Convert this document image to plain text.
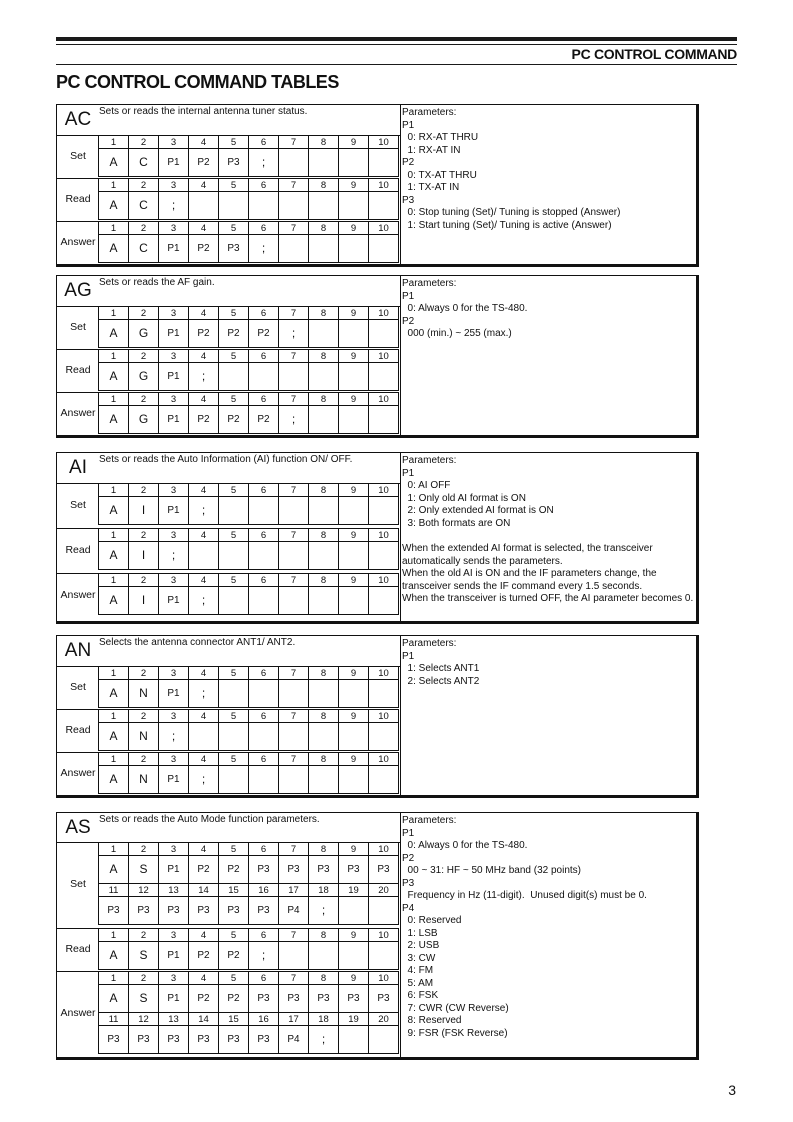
PC CONTROL COMMAND
PC CONTROL COMMAND TABLES
AC Sets or reads the internal antenna tuner status.
Set
1	2	3	4	5	6	7	8	9	10
A	C	P1	P2	P3	;				
Read
1	2	3	4	5	6	7	8	9	10
A	C	;							
Answer
1	2	3	4	5	6	7	8	9	10
A	C	P1	P2	P3	;				
Parameters:
P1
0: RX-AT THRU
1: RX-AT IN
P2
0: TX-AT THRU
1: TX-AT IN
P3
0: Stop tuning (Set)/ Tuning is stopped (Answer)
1: Start tuning (Set)/ Tuning is active (Answer)
AG Sets or reads the AF gain.
Set
1	2	3	4	5	6	7	8	9	10
A	G	P1	P2	P2	P2	;			
Read
1	2	3	4	5	6	7	8	9	10
A	G	P1	;						
Answer
1	2	3	4	5	6	7	8	9	10
A	G	P1	P2	P2	P2	;			
Parameters:
P1
0: Always 0 for the TS-480.
P2
000 (min.) ~ 255 (max.)
AI	Sets or reads the Auto Information (AI) function ON/ OFF.
Set
1	2	3	4	5	6	7	8	9	10
A	I	P1	;						
Read
1	2	3	4	5	6	7	8	9	10
A	I	;							
Answer
1	2	3	4	5	6	7	8	9	10
A	I	P1	;						
Parameters:
P1
0: AI OFF
1: Only old AI format is ON
2: Only extended AI format is ON
3: Both formats are ON
When the extended AI format is selected, the transceiver automatically sends the parameters.
When the old AI is ON and the IF parameters change, the transceiver sends the IF command every 1.5 seconds.
When the transceiver is turned OFF, the AI parameter becomes 0.
AN Selects the antenna connector ANT1/ ANT2.
Set
1	2	3	4	5	6	7	8	9	10
A	N	P1	;						
Read
1	2	3	4	5	6	7	8	9	10
A	N	;							
Answer
1	2	3	4	5	6	7	8	9	10
A	N	P1	;						
Parameters:
P1
1: Selects ANT1
2: Selects ANT2
AS Sets or reads the Auto Mode function parameters.
Set
1	2	3	4	5	6	7	8	9	10
A	S	P1	P2	P2	P3	P3	P3	P3	P3
11	12	13	14	15	16	17	18	19	20
P3	P3	P3	P3	P3	P3	P4	;		
Read
1	2	3	4	5	6	7	8	9	10
A	S	P1	P2	P2	;				
Answer
1	2	3	4	5	6	7	8	9	10
A	S	P1	P2	P2	P3	P3	P3	P3	P3
11	12	13	14	15	16	17	18	19	20
P3	P3	P3	P3	P3	P3	P4	;		
Parameters:
P1
0: Always 0 for the TS-480.
P2
00 ~ 31: HF ~ 50 MHz band (32 points)
P3
Frequency in Hz (11-digit).  Unused digit(s) must be 0.
P4
0: Reserved
1: LSB
2: USB
3: CW
4: FM
5: AM
6: FSK
7: CWR (CW Reverse)
8: Reserved
9: FSR (FSK Reverse)
3
